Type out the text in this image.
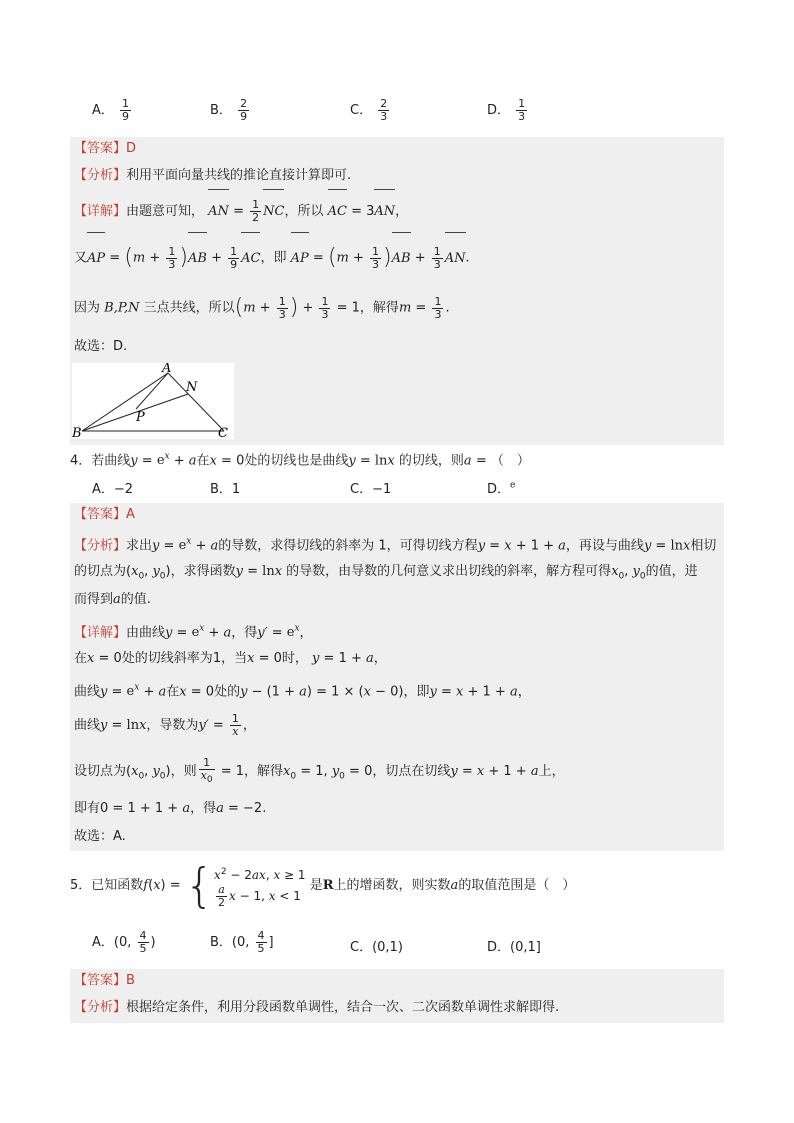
A． $\frac{1}{9}$	B． $\frac{2}{9}$	C． $\frac{2}{3}$	D． $\frac{1}{3}$
【答案】D
【分析】利用平面向量共线的推论直接计算即可.
【详解】由题意可知， AN = $\frac{1}{2}$ NC，所以 AC = 3AN，
又AP = $(m + \frac{1}{3} )AB + \frac{1}{9}$ AC，即 AP = $(m + \frac{1}{3} )AB + \frac{1}{3}$ AN.
因为 B,P,N 三点共线，所以($m + \frac{1}{3}$ ) + $\frac{1}{3} = 1$，解得$m = \frac{1}{3}$ .
故选：D.
A
B	C
N
P
4．若曲线$y = e^x + a$在x = 0处的切线也是曲线y = lnx 的切线，则a = （　）
A．−2	B．1	C．−1	D．$^e$
【答案】A
【分析】求出$y = e^x + a$的导数，求得切线的斜率为 1，可得切线方程y = x + 1 + a，再设与曲线y = lnx相切
的切点为($x_0$, $y_0$)，求得函数y = lnx 的导数，由导数的几何意义求出切线的斜率，解方程可得$x_0$, $y_0$的值，进
而得到a的值.
【详解】由曲线$y = e^x + a$，得$y' = e^x$，
在x = 0处的切线斜率为1，当x = 0时， y = 1 + a，
曲线$y = e^x + a$在x = 0处的y − (1 + a) = 1 × (x − 0)，即y = x + 1 + a，
曲线y = lnx，导数为$y' = \frac{1}{x}$ ，
设切点为($x_0$, $y_0$)，则 $\frac{1}{x_0} = 1$，解得$x_0 = 1$, $y_0 = 0$，切点在切线y = x + 1 + a上，
即有0 = 1 + 1 + a，得a = −2.
故选：A.
5．已知函数f(x) = { $x^2 - 2ax$, x ≥ 1
$\frac{a}{2}$ x − 1, x < 1
是R上的增函数，则实数a的取值范围是（　）
A．(0, $\frac{4}{5}$ )	B．(0, $\frac{4}{5}$ ]	C．(0,1)	D．(0,1]
【答案】B
【分析】根据给定条件，利用分段函数单调性，结合一次、二次函数单调性求解即得.
